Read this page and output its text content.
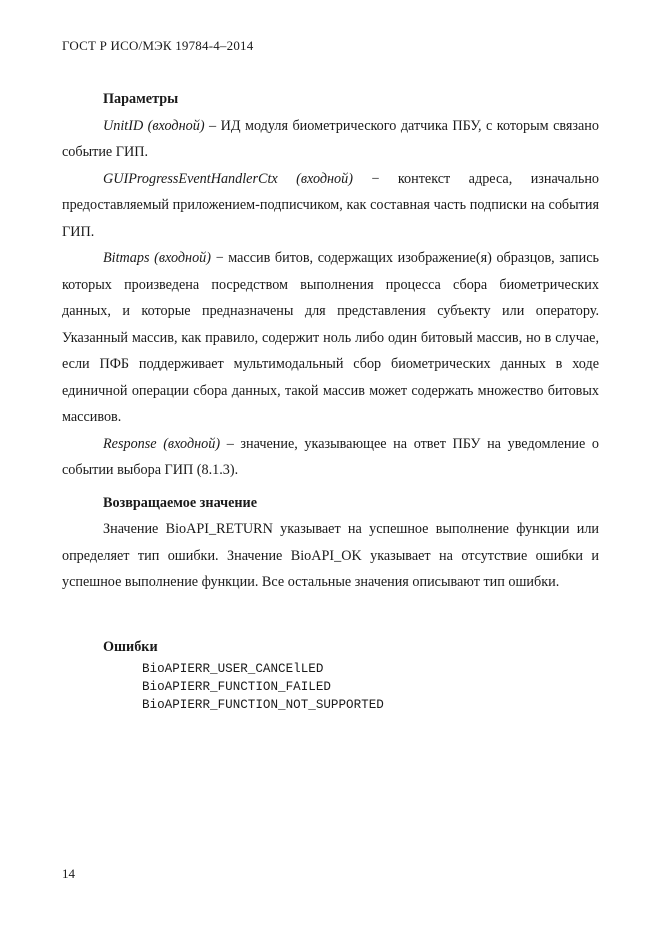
ГОСТ Р ИСО/МЭК 19784-4–2014
Параметры

UnitID (входной) – ИД модуля биометрического датчика ПБУ, с которым связано событие ГИП.

GUIProgressEventHandlerCtx (входной) − контекст адреса, изначально предоставляемый приложением-подписчиком, как составная часть подписки на события ГИП.

Bitmaps (входной) − массив битов, содержащих изображение(я) образцов, запись которых произведена посредством выполнения процесса сбора биометрических данных, и которые предназначены для представления субъекту или оператору. Указанный массив, как правило, содержит ноль либо один битовый массив, но в случае, если ПФБ поддерживает мультимодальный сбор биометрических данных в ходе единичной операции сбора данных, такой массив может содержать множество битовых массивов.

Response (входной) – значение, указывающее на ответ ПБУ на уведомление о событии выбора ГИП (8.1.3).

Возвращаемое значение

Значение BioAPI_RETURN указывает на успешное выполнение функции или определяет тип ошибки. Значение BioAPI_OK указывает на отсутствие ошибки и успешное выполнение функции. Все остальные значения описывают тип ошибки.

Ошибки
BioAPIERR_USER_CANCElLED
BioAPIERR_FUNCTION_FAILED
BioAPIERR_FUNCTION_NOT_SUPPORTED
14
